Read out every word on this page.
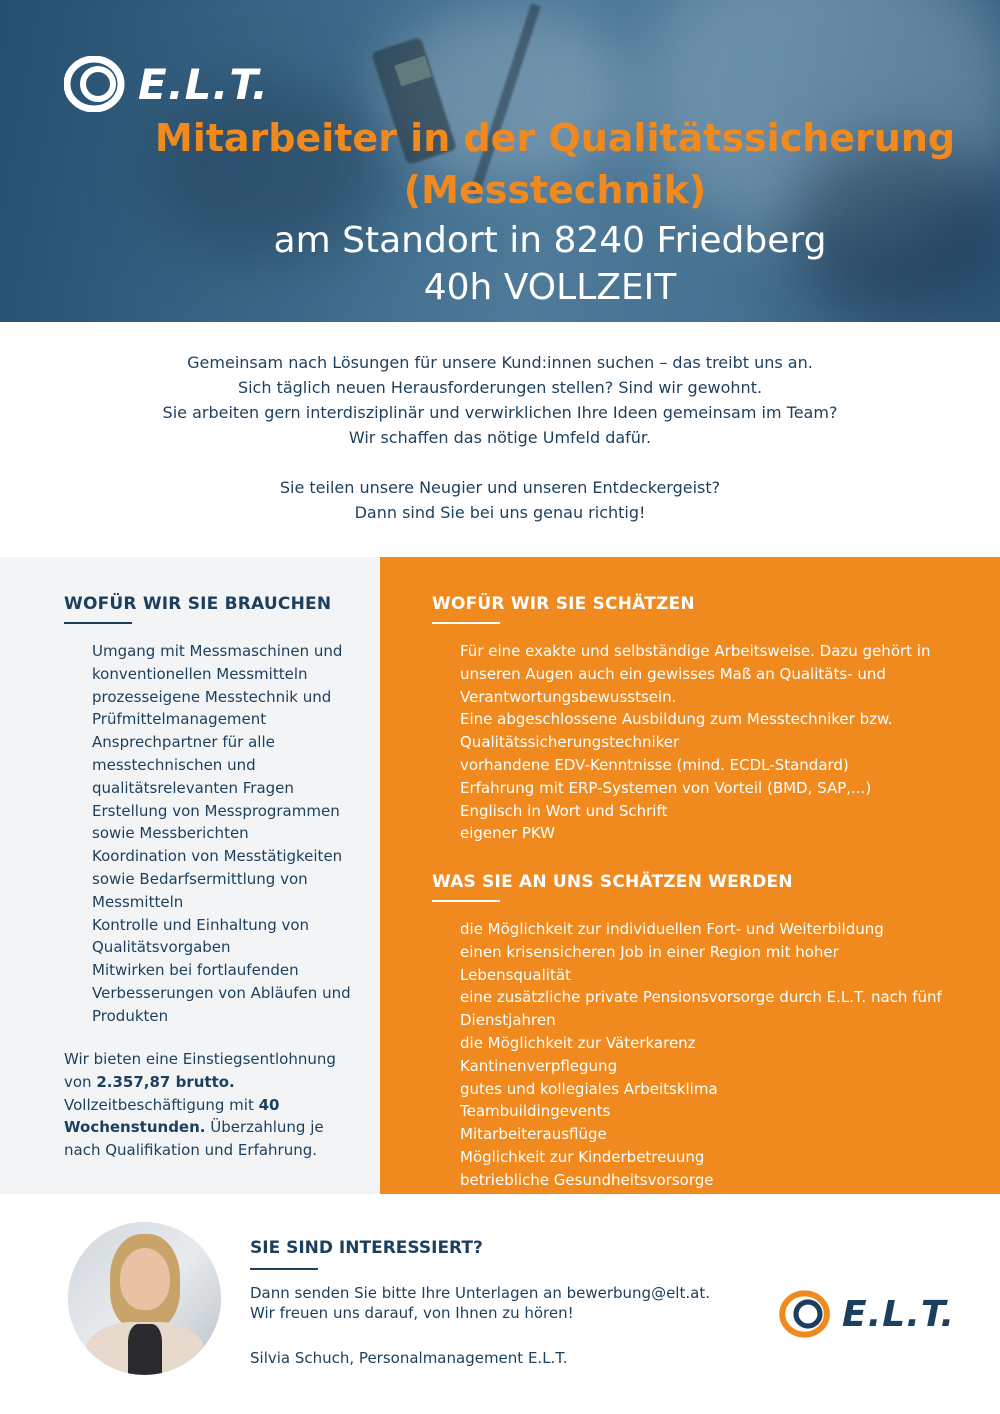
E.L.T.
Mitarbeiter in der Qualitätssicherung
(Messtechnik)
am Standort in 8240 Friedberg
40h VOLLZEIT

Gemeinsam nach Lösungen für unsere Kund:innen suchen – das treibt uns an.

Sich täglich neuen Herausforderungen stellen? Sind wir gewohnt.

Sie arbeiten gern interdisziplinär und verwirklichen Ihre Ideen gemeinsam im Team?

Wir schaffen das nötige Umfeld dafür.

Sie teilen unsere Neugier und unseren Entdeckergeist?

Dann sind Sie bei uns genau richtig!

WOFÜR WIR SIE BRAUCHEN
Umgang mit Messmaschinen und konventionellen Messmitteln
prozesseigene Messtechnik und Prüfmittelmanagement
Ansprechpartner für alle messtechnischen und qualitätsrelevanten Fragen
Erstellung von Messprogrammen sowie Messberichten
Koordination von Messtätigkeiten sowie Bedarfsermittlung von Messmitteln
Kontrolle und Einhaltung von Qualitätsvorgaben
Mitwirken bei fortlaufenden Verbesserungen von Abläufen und Produkten
Wir bieten eine Einstiegsentlohnung von 2.357,87 brutto. Vollzeitbeschäftigung mit 40 Wochenstunden. Überzahlung je nach Qualifikation und Erfahrung.
WOFÜR WIR SIE SCHÄTZEN
Für eine exakte und selbständige Arbeitsweise. Dazu gehört in unseren Augen auch ein gewisses Maß an Qualitäts- und Verantwortungsbewusstsein.
Eine abgeschlossene Ausbildung zum Messtechniker bzw. Qualitätssicherungstechniker
vorhandene EDV-Kenntnisse (mind. ECDL-Standard)
Erfahrung mit ERP-Systemen von Vorteil (BMD, SAP,...)
Englisch in Wort und Schrift
eigener PKW
WAS SIE AN UNS SCHÄTZEN WERDEN
die Möglichkeit zur individuellen Fort- und Weiterbildung
einen krisensicheren Job in einer Region mit hoher Lebensqualität
eine zusätzliche private Pensionsvorsorge durch E.L.T. nach fünf Dienstjahren
die Möglichkeit zur Väterkarenz
Kantinenverpflegung
gutes und kollegiales Arbeitsklima
Teambuildingevents
Mitarbeiterausflüge
Möglichkeit zur Kinderbetreuung
betriebliche Gesundheitsvorsorge
SIE SIND INTERESSIERT?
Dann senden Sie bitte Ihre Unterlagen an bewerbung@elt.at.
Wir freuen uns darauf, von Ihnen zu hören!
Silvia Schuch, Personalmanagement E.L.T.
E.L.T.
